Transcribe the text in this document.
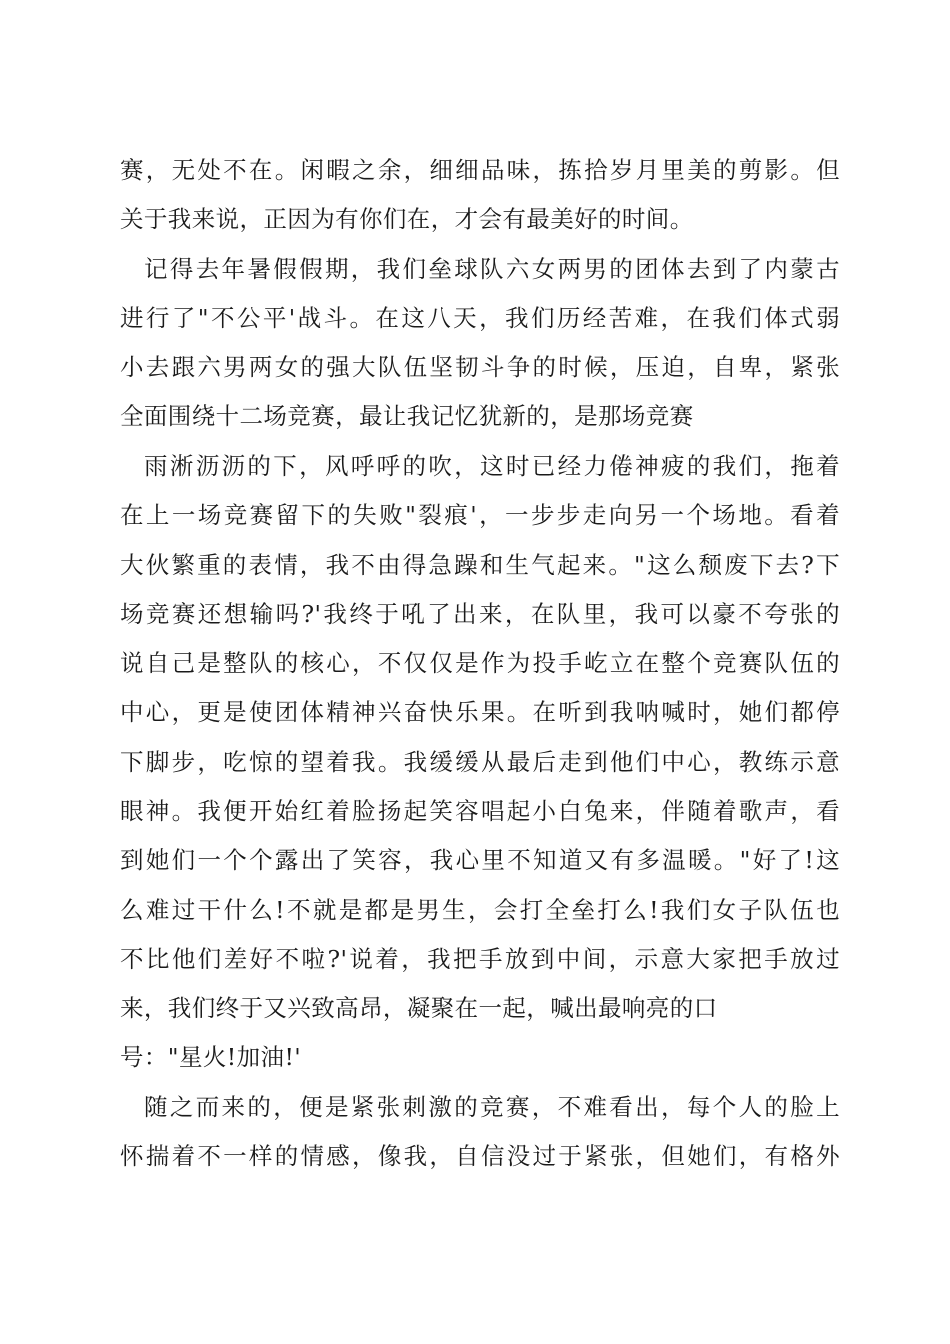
赛，无处不在。闲暇之余，细细品味，拣拾岁月里美的剪影。但
关于我来说，正因为有你们在，才会有最美好的时间。
记得去年暑假假期，我们垒球队六女两男的团体去到了内蒙古
进行了"不公平'战斗。在这八天，我们历经苦难，在我们体式弱
小去跟六男两女的强大队伍坚韧斗争的时候，压迫，自卑，紧张
全面围绕十二场竞赛，最让我记忆犹新的，是那场竞赛
雨淅沥沥的下，风呼呼的吹，这时已经力倦神疲的我们，拖着
在上一场竞赛留下的失败"裂痕'，一步步走向另一个场地。看着
大伙繁重的表情，我不由得急躁和生气起来。"这么颓废下去?下
场竞赛还想输吗?'我终于吼了出来，在队里，我可以豪不夸张的
说自己是整队的核心，不仅仅是作为投手屹立在整个竞赛队伍的
中心，更是使团体精神兴奋快乐果。在听到我呐喊时，她们都停
下脚步，吃惊的望着我。我缓缓从最后走到他们中心，教练示意
眼神。我便开始红着脸扬起笑容唱起小白兔来，伴随着歌声，看
到她们一个个露出了笑容，我心里不知道又有多温暖。"好了!这
么难过干什么!不就是都是男生，会打全垒打么!我们女子队伍也
不比他们差好不啦?'说着，我把手放到中间，示意大家把手放过
来，我们终于又兴致高昂，凝聚在一起，喊出最响亮的口
号："星火!加油!'
随之而来的，便是紧张刺激的竞赛，不难看出，每个人的脸上
怀揣着不一样的情感，像我，自信没过于紧张，但她们，有格外
